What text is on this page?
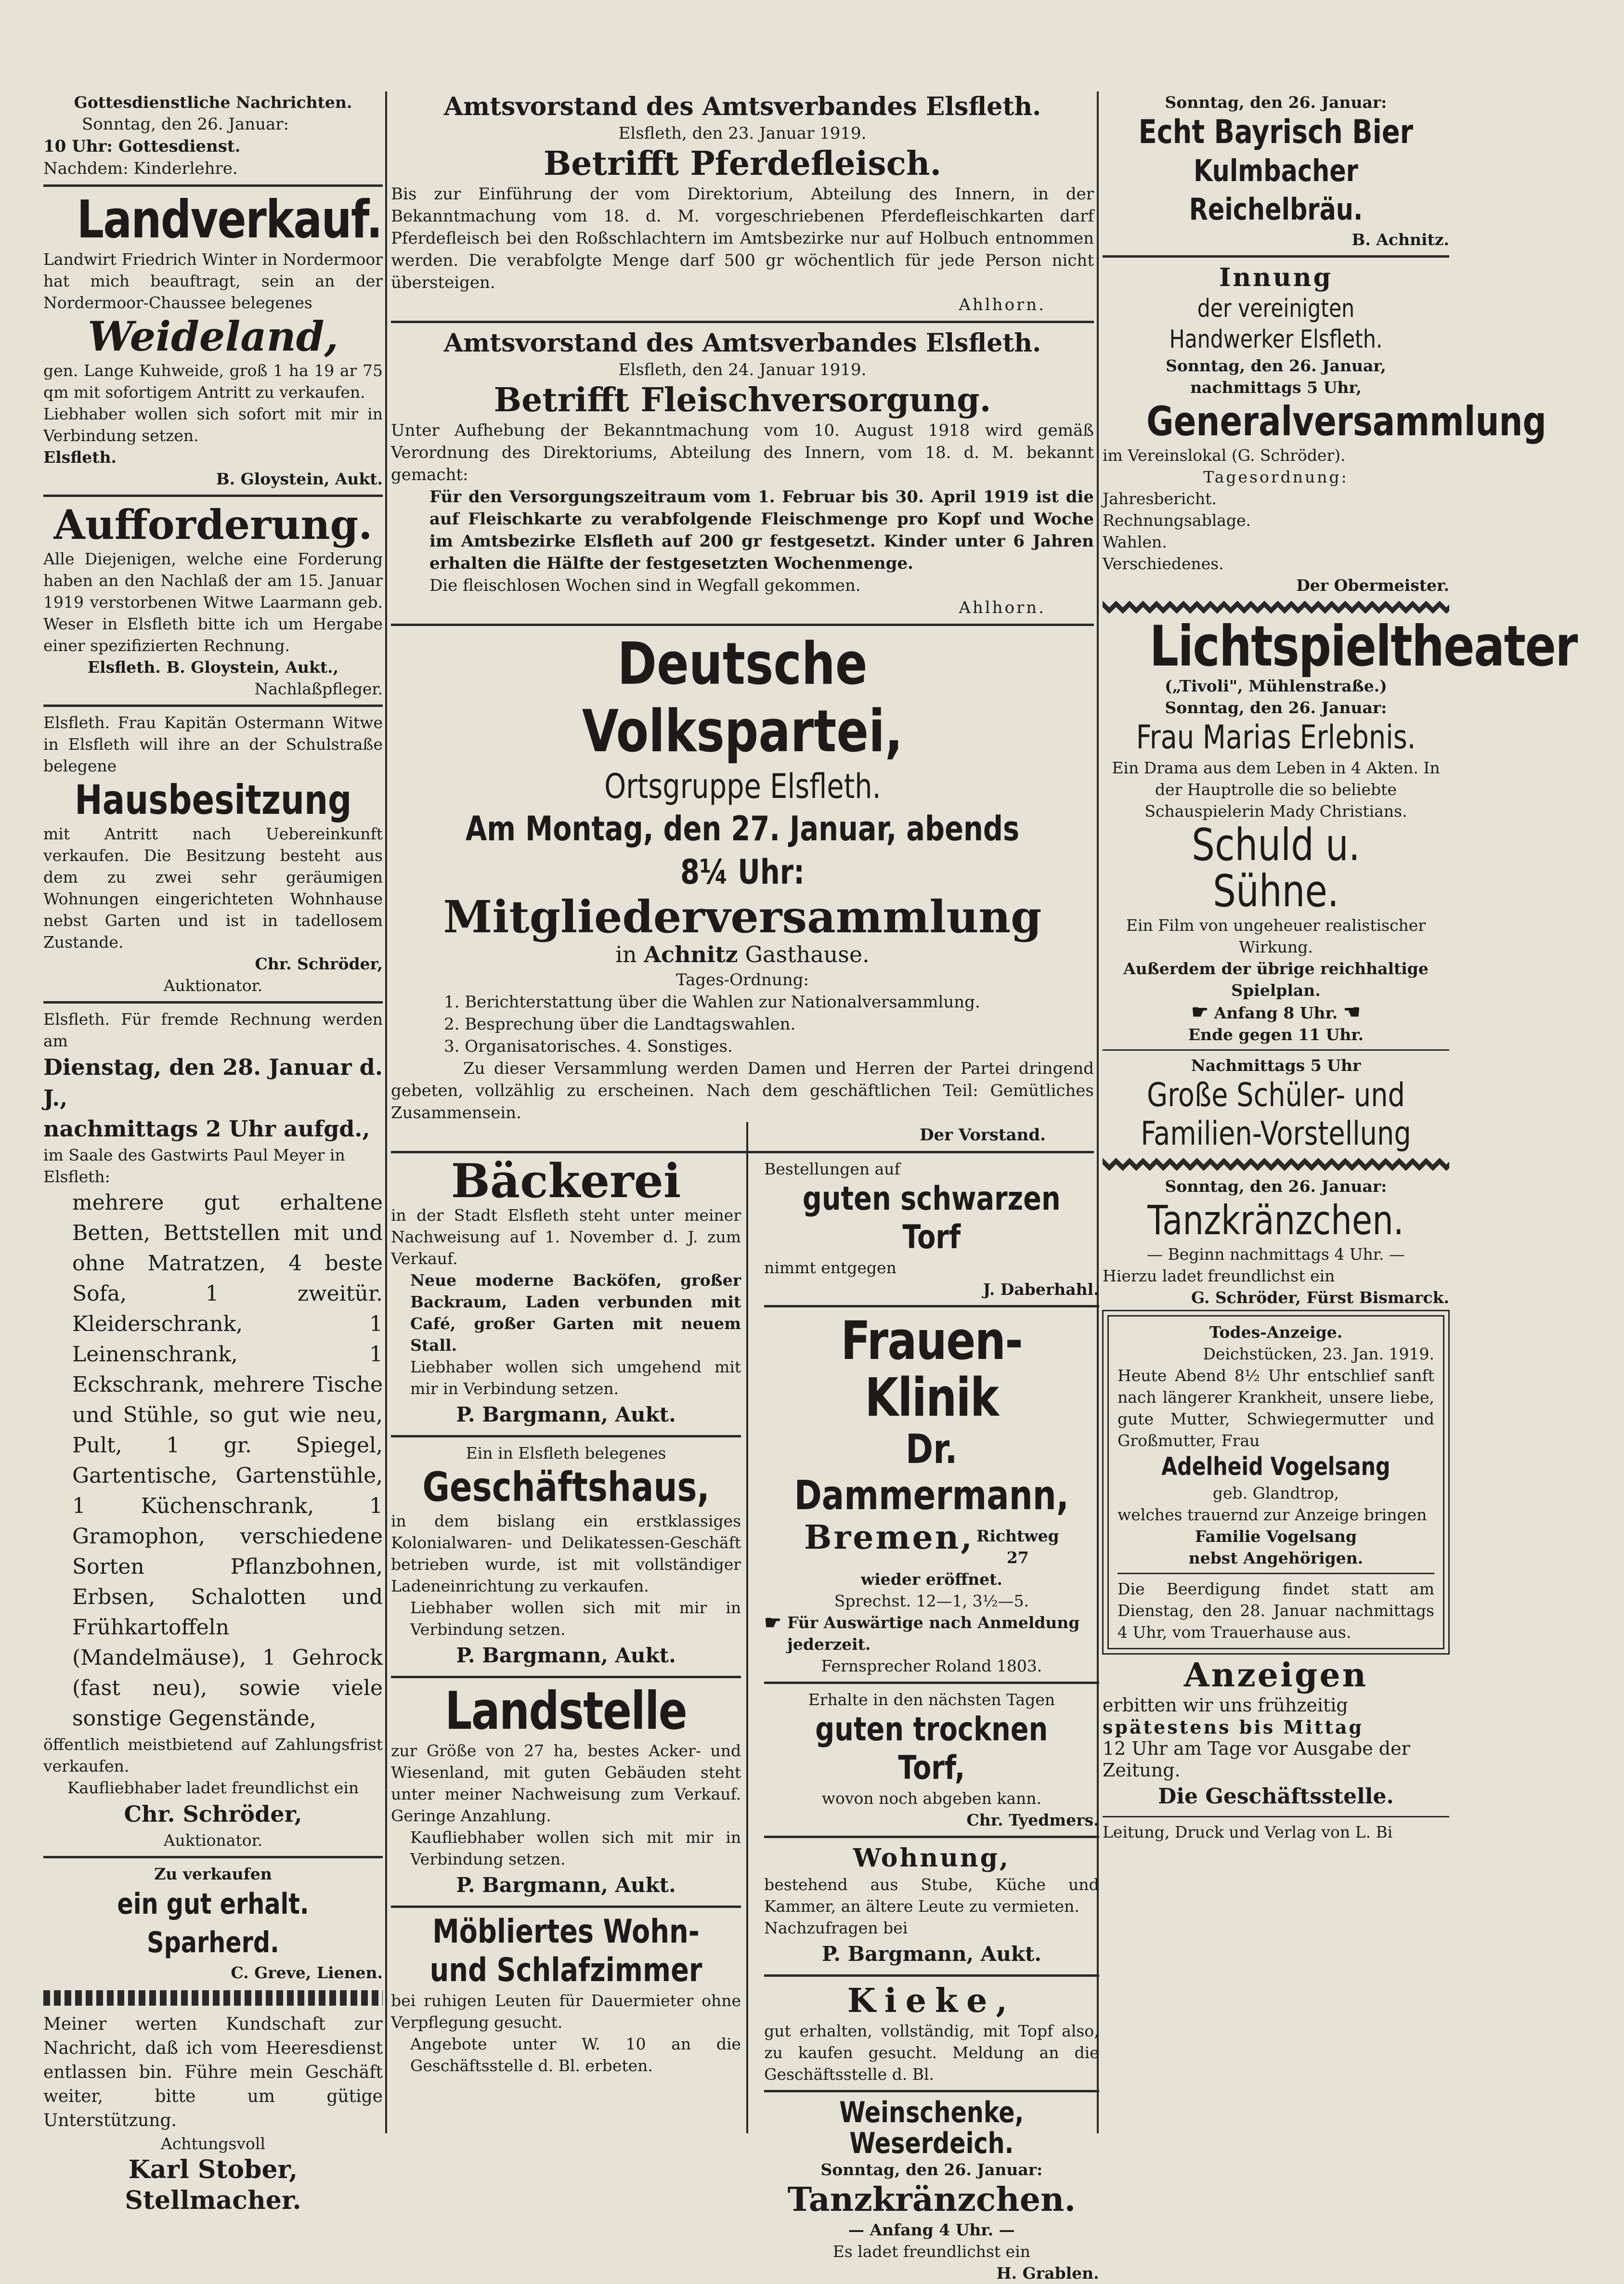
Gottesdienstliche Nachrichten.
Sonntag, den 26. Januar:
10 Uhr: Gottesdienst.
Nachdem: Kinderlehre.
Landverkauf.
Landwirt Friedrich Winter in Nordermoor hat mich beauftragt, sein an der Nordermoor-Chaussee belegenes
Weideland,
gen. Lange Kuhweide, groß 1 ha 19 ar 75 qm mit sofortigem Antritt zu verkaufen.
Liebhaber wollen sich sofort mit mir in Verbindung setzen.
Elsfleth.
B. Gloystein, Aukt.
Aufforderung.
Alle Diejenigen, welche eine Forderung haben an den Nachlaß der am 15. Januar 1919 verstorbenen Witwe Laarmann geb. Weser in Elsfleth bitte ich um Hergabe einer spezifizierten Rechnung.
Elsfleth. B. Gloystein, Aukt.,
Nachlaßpfleger.
Elsfleth. Frau Kapitän Ostermann Witwe in Elsfleth will ihre an der Schulstraße belegene
Hausbesitzung
mit Antritt nach Uebereinkunft verkaufen. Die Besitzung besteht aus dem zu zwei sehr geräumigen Wohnungen eingerichteten Wohnhause nebst Garten und ist in tadellosem Zustande.
Chr. Schröder,
Auktionator.
Elsfleth. Für fremde Rechnung werden am
Dienstag, den 28. Januar d. J.,
nachmittags 2 Uhr aufgd.,
im Saale des Gastwirts Paul Meyer in Elsfleth:
mehrere gut erhaltene Betten, Bettstellen mit und ohne Matratzen, 4 beste Sofa, 1 zweitür. Kleiderschrank, 1 Leinenschrank, 1 Eckschrank, mehrere Tische und Stühle, so gut wie neu, Pult, 1 gr. Spiegel, Gartentische, Gartenstühle, 1 Küchenschrank, 1 Gramophon, verschiedene Sorten Pflanzbohnen, Erbsen, Schalotten und Frühkartoffeln (Mandelmäuse), 1 Gehrock (fast neu), sowie viele sonstige Gegenstände,
öffentlich meistbietend auf Zahlungsfrist verkaufen.
Kaufliebhaber ladet freundlichst ein
Chr. Schröder,
Auktionator.
Zu verkaufen
ein gut erhalt. Sparherd.
C. Greve, Lienen.
Meiner werten Kundschaft zur Nachricht, daß ich vom Heeresdienst entlassen bin. Führe mein Geschäft weiter, bitte um gütige Unterstützung.
Achtungsvoll
Karl Stober, Stellmacher.
Amtsvorstand des Amtsverbandes Elsfleth.
Elsfleth, den 23. Januar 1919.
Betrifft Pferdefleisch.
Bis zur Einführung der vom Direktorium, Abteilung des Innern, in der Bekanntmachung vom 18. d. M. vorgeschriebenen Pferdefleischkarten darf Pferdefleisch bei den Roßschlachtern im Amtsbezirke nur auf Holbuch entnommen werden. Die verabfolgte Menge darf 500 gr wöchentlich für jede Person nicht übersteigen.
Ahlhorn.
Amtsvorstand des Amtsverbandes Elsfleth.
Elsfleth, den 24. Januar 1919.
Betrifft Fleischversorgung.
Unter Aufhebung der Bekanntmachung vom 10. August 1918 wird gemäß Verordnung des Direktoriums, Abteilung des Innern, vom 18. d. M. bekannt gemacht:
Für den Versorgungszeitraum vom 1. Februar bis 30. April 1919 ist die auf Fleischkarte zu verabfolgende Fleischmenge pro Kopf und Woche im Amtsbezirke Elsfleth auf 200 gr festgesetzt. Kinder unter 6 Jahren erhalten die Hälfte der festgesetzten Wochenmenge.
Die fleischlosen Wochen sind in Wegfall gekommen.
Ahlhorn.
Deutsche Volkspartei,
Ortsgruppe Elsfleth.
Am Montag, den 27. Januar, abends 8¼ Uhr:
Mitgliederversammlung
in Achnitz Gasthause.
Tages-Ordnung:
1. Berichterstattung über die Wahlen zur Nationalversammlung.
2. Besprechung über die Landtagswahlen.
3. Organisatorisches. 4. Sonstiges.
Zu dieser Versammlung werden Damen und Herren der Partei dringend gebeten, vollzählig zu erscheinen. Nach dem geschäftlichen Teil: Gemütliches Zusammensein.
Der Vorstand.
Bäckerei
in der Stadt Elsfleth steht unter meiner Nachweisung auf 1. November d. J. zum Verkauf.
Neue moderne Backöfen, großer Backraum, Laden verbunden mit Café, großer Garten mit neuem Stall.
Liebhaber wollen sich umgehend mit mir in Verbindung setzen.
P. Bargmann, Aukt.
Ein in Elsfleth belegenes
Geschäftshaus,
in dem bislang ein erstklassiges Kolonialwaren- und Delikatessen-Geschäft betrieben wurde, ist mit vollständiger Ladeneinrichtung zu verkaufen.
Liebhaber wollen sich mit mir in Verbindung setzen.
P. Bargmann, Aukt.
Landstelle
zur Größe von 27 ha, bestes Acker- und Wiesenland, mit guten Gebäuden steht unter meiner Nachweisung zum Verkauf. Geringe Anzahlung.
Kaufliebhaber wollen sich mit mir in Verbindung setzen.
P. Bargmann, Aukt.
Möbliertes Wohn- und Schlafzimmer
bei ruhigen Leuten für Dauermieter ohne Verpflegung gesucht.
Angebote unter W. 10 an die Geschäftsstelle d. Bl. erbeten.
Bestellungen auf
guten schwarzen Torf
nimmt entgegen
J. Daberhahl.
Frauen-Klinik
Dr. Dammermann,
Bremen, Richtweg
27
wieder eröffnet.
Sprechst. 12—1, 3½—5.
☛ Für Auswärtige nach Anmeldung jederzeit.
Fernsprecher Roland 1803.
Erhalte in den nächsten Tagen
guten trocknen Torf,
wovon noch abgeben kann.
Chr. Tyedmers.
Wohnung,
bestehend aus Stube, Küche und Kammer, an ältere Leute zu vermieten.
Nachzufragen bei
P. Bargmann, Aukt.
Kieke,
gut erhalten, vollständig, mit Topf also, zu kaufen gesucht. Meldung an die Geschäftsstelle d. Bl.
Weinschenke, Weserdeich.
Sonntag, den 26. Januar:
Tanzkränzchen.
— Anfang 4 Uhr. —
Es ladet freundlichst ein
H. Grablen.
Sonntag, den 26. Januar:
Echt Bayrisch Bier
Kulmbacher Reichelbräu.
B. Achnitz.
Innung
der vereinigten Handwerker Elsfleth.
Sonntag, den 26. Januar,
nachmittags 5 Uhr,
Generalversammlung
im Vereinslokal (G. Schröder).
Tagesordnung:
Jahresbericht.
Rechnungsablage.
Wahlen.
Verschiedenes.
Der Obermeister.
Lichtspieltheater
(„Tivoli", Mühlenstraße.)
Sonntag, den 26. Januar:
Frau Marias Erlebnis.
Ein Drama aus dem Leben in 4 Akten. In der Hauptrolle die so beliebte Schauspielerin Mady Christians.
Schuld u. Sühne.
Ein Film von ungeheuer realistischer Wirkung.
Außerdem der übrige reichhaltige Spielplan.
☛ Anfang 8 Uhr. ☚
Ende gegen 11 Uhr.
Nachmittags 5 Uhr
Große Schüler- und Familien-Vorstellung
Sonntag, den 26. Januar:
Tanzkränzchen.
— Beginn nachmittags 4 Uhr. —
Hierzu ladet freundlichst ein
G. Schröder, Fürst Bismarck.
Todes-Anzeige.
Deichstücken, 23. Jan. 1919.
Heute Abend 8½ Uhr entschlief sanft nach längerer Krankheit, unsere liebe, gute Mutter, Schwiegermutter und Großmutter, Frau
Adelheid Vogelsang
geb. Glandtrop,
welches trauernd zur Anzeige bringen
Familie Vogelsang
nebst Angehörigen.
Die Beerdigung findet statt am Dienstag, den 28. Januar nachmittags 4 Uhr, vom Trauerhause aus.
Anzeigen
erbitten wir uns frühzeitig
spätestens bis Mittag
12 Uhr am Tage vor Ausgabe der Zeitung.
Die Geschäftsstelle.
Leitung, Druck und Verlag von L. Bi
